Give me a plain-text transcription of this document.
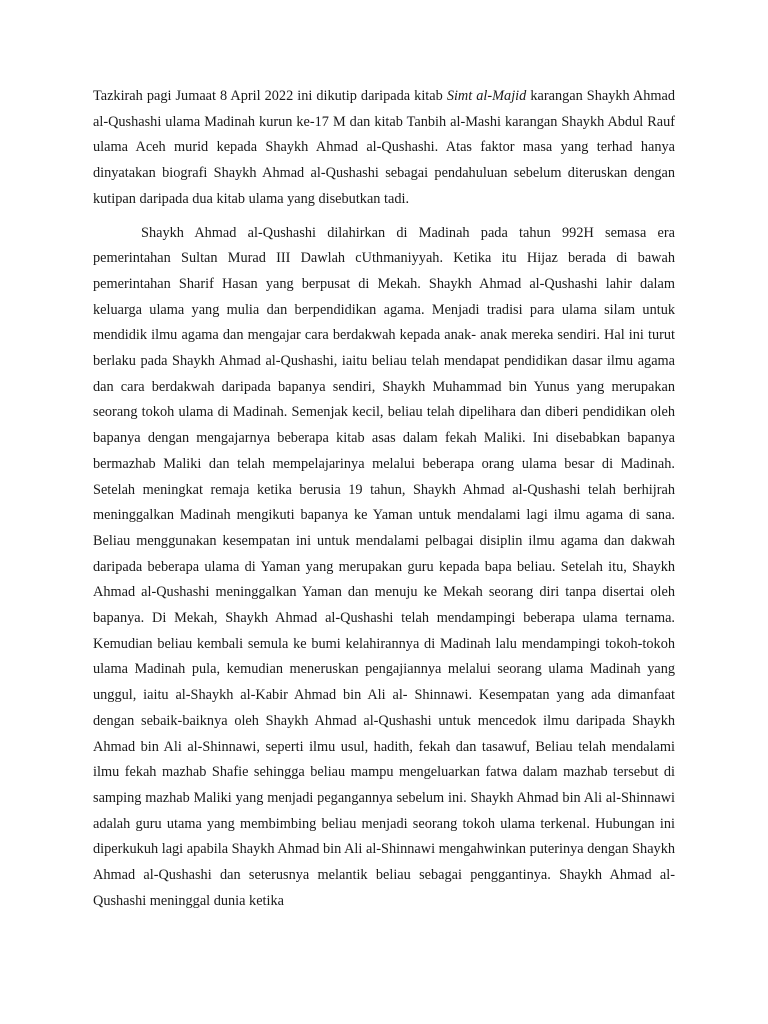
Tazkirah pagi Jumaat 8 April 2022 ini dikutip daripada kitab Simt al-Majid karangan Shaykh Ahmad al-Qushashi ulama Madinah kurun ke-17 M dan kitab Tanbih al-Mashi karangan Shaykh Abdul Rauf ulama Aceh murid kepada Shaykh Ahmad al-Qushashi. Atas faktor masa yang terhad hanya dinyatakan biografi Shaykh Ahmad al-Qushashi sebagai pendahuluan sebelum diteruskan dengan kutipan daripada dua kitab ulama yang disebutkan tadi.

Shaykh Ahmad al-Qushashi dilahirkan di Madinah pada tahun 992H semasa era pemerintahan Sultan Murad III Dawlah cUthmaniyyah. Ketika itu Hijaz berada di bawah pemerintahan Sharif Hasan yang berpusat di Mekah. Shaykh Ahmad al-Qushashi lahir dalam keluarga ulama yang mulia dan berpendidikan agama. Menjadi tradisi para ulama silam untuk mendidik ilmu agama dan mengajar cara berdakwah kepada anak- anak mereka sendiri. Hal ini turut berlaku pada Shaykh Ahmad al-Qushashi, iaitu beliau telah mendapat pendidikan dasar ilmu agama dan cara berdakwah daripada bapanya sendiri, Shaykh Muhammad bin Yunus yang merupakan seorang tokoh ulama di Madinah. Semenjak kecil, beliau telah dipelihara dan diberi pendidikan oleh bapanya dengan mengajarnya beberapa kitab asas dalam fekah Maliki. Ini disebabkan bapanya bermazhab Maliki dan telah mempelajarinya melalui beberapa orang ulama besar di Madinah. Setelah meningkat remaja ketika berusia 19 tahun, Shaykh Ahmad al-Qushashi telah berhijrah meninggalkan Madinah mengikuti bapanya ke Yaman untuk mendalami lagi ilmu agama di sana. Beliau menggunakan kesempatan ini untuk mendalami pelbagai disiplin ilmu agama dan dakwah daripada beberapa ulama di Yaman yang merupakan guru kepada bapa beliau. Setelah itu, Shaykh Ahmad al-Qushashi meninggalkan Yaman dan menuju ke Mekah seorang diri tanpa disertai oleh bapanya. Di Mekah, Shaykh Ahmad al-Qushashi telah mendampingi beberapa ulama ternama. Kemudian beliau kembali semula ke bumi kelahirannya di Madinah lalu mendampingi tokoh-tokoh ulama Madinah pula, kemudian meneruskan pengajiannya melalui seorang ulama Madinah yang unggul, iaitu al-Shaykh al-Kabir Ahmad bin Ali al- Shinnawi. Kesempatan yang ada dimanfaat dengan sebaik-baiknya oleh Shaykh Ahmad al-Qushashi untuk mencedok ilmu daripada Shaykh Ahmad bin Ali al-Shinnawi, seperti ilmu usul, hadith, fekah dan tasawuf, Beliau telah mendalami ilmu fekah mazhab Shafie sehingga beliau mampu mengeluarkan fatwa dalam mazhab tersebut di samping mazhab Maliki yang menjadi pegangannya sebelum ini. Shaykh Ahmad bin Ali al-Shinnawi adalah guru utama yang membimbing beliau menjadi seorang tokoh ulama terkenal. Hubungan ini diperkukuh lagi apabila Shaykh Ahmad bin Ali al-Shinnawi mengahwinkan puterinya dengan Shaykh Ahmad al-Qushashi dan seterusnya melantik beliau sebagai penggantinya. Shaykh Ahmad al-Qushashi meninggal dunia ketika
